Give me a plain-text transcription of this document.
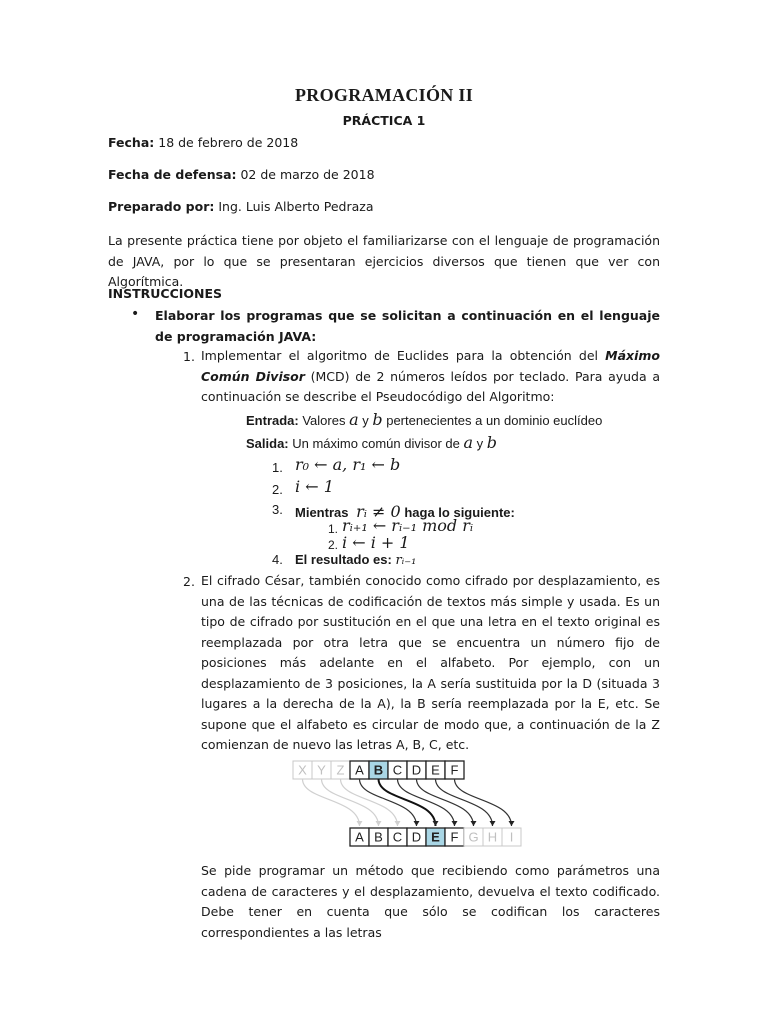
PROGRAMACIÓN II
PRÁCTICA 1
Fecha: 18 de febrero de 2018
Fecha de defensa: 02 de marzo de 2018
Preparado por: Ing. Luis Alberto Pedraza
La presente práctica tiene por objeto el familiarizarse con el lenguaje de programación de JAVA, por lo que se presentaran ejercicios diversos que tienen que ver con Algorítmica.
INSTRUCCIONES
• Elaborar los programas que se solicitan a continuación en el lenguaje de programación JAVA:
1. Implementar el algoritmo de Euclides para la obtención del Máximo Común Divisor (MCD) de 2 números leídos por teclado. Para ayuda a continuación se describe el Pseudocódigo del Algoritmo:
Entrada: Valores a y b pertenecientes a un dominio euclídeo
Salida: Un máximo común divisor de a y b
1. r₀ ← a, r₁ ← b
2. i ← 1
3. Mientras rᵢ ≠ 0 haga lo siguiente:
1. rᵢ₊₁ ← rᵢ₋₁ mod rᵢ
2. i ← i + 1
4. El resultado es: rᵢ₋₁
2. El cifrado César, también conocido como cifrado por desplazamiento, es una de las técnicas de codificación de textos más simple y usada. Es un tipo de cifrado por sustitución en el que una letra en el texto original es reemplazada por otra letra que se encuentra un número fijo de posiciones más adelante en el alfabeto. Por ejemplo, con un desplazamiento de 3 posiciones, la A sería sustituida por la D (situada 3 lugares a la derecha de la A), la B sería reemplazada por la E, etc. Se supone que el alfabeto es circular de modo que, a continuación de la Z comienzan de nuevo las letras A, B, C, etc.
X Y Z A B C D E F
A B C D E F G H I
Se pide programar un método que recibiendo como parámetros una cadena de caracteres y el desplazamiento, devuelva el texto codificado. Debe tener en cuenta que sólo se codifican los caracteres correspondientes a las letras
